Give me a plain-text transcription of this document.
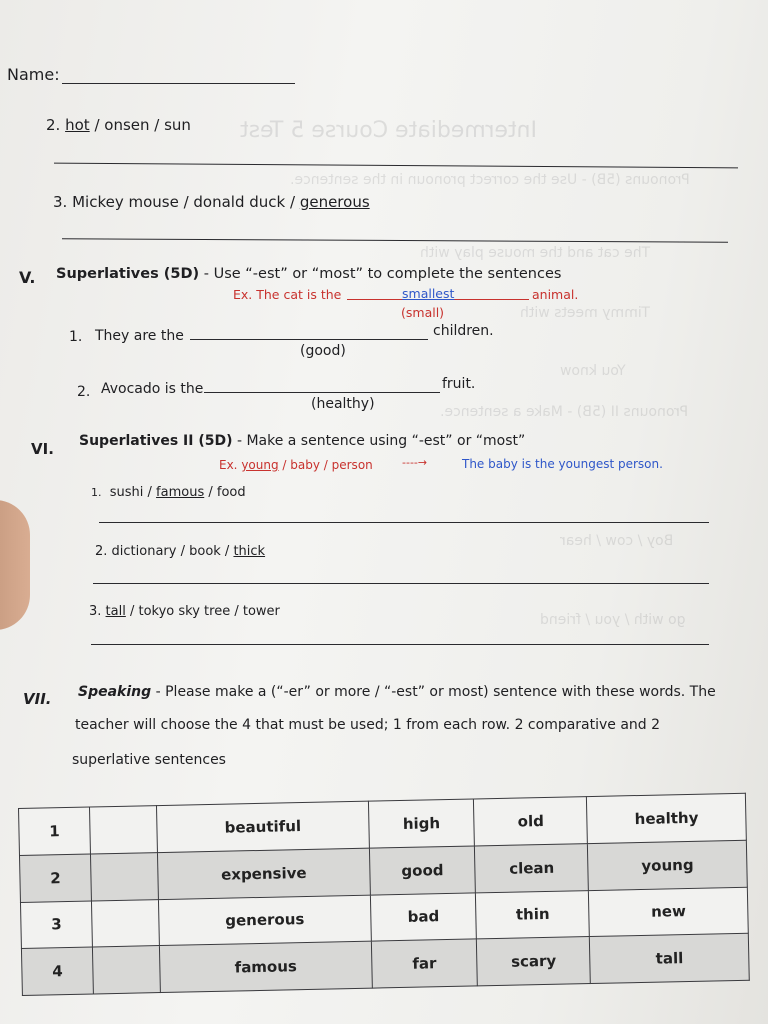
Intermediate Course 5 Test
Pronouns (5B) - Use the correct pronoun in the sentence.
The cat and the mouse play with
Timmy meets with
You know
Pronouns II (5B) - Make a sentence.
Boy / cow / hear
go with / you / friend
Name:
2. hot / onsen / sun
3. Mickey mouse / donald duck / generous
V. Superlatives (5D) - Use “-est” or “most” to complete the sentences
Ex. The cat is the	smallest	animal.
(small)
1. They are the	children.
(good)
2. Avocado is the	fruit.
(healthy)
VI. Superlatives II (5D) - Make a sentence using “-est” or “most”
Ex. young / baby / person	----→	The baby is the youngest person.
1. sushi / famous / food
2. dictionary / book / thick
3. tall / tokyo sky tree / tower
VII. Speaking - Please make a (“-er” or more / “-est” or most) sentence with these words. The
teacher will choose the 4 that must be used; 1 from each row. 2 comparative and 2
superlative sentences
1		beautiful	high	old	healthy
2		expensive	good	clean	young
3		generous	bad	thin	new
4		famous	far	scary	tall
